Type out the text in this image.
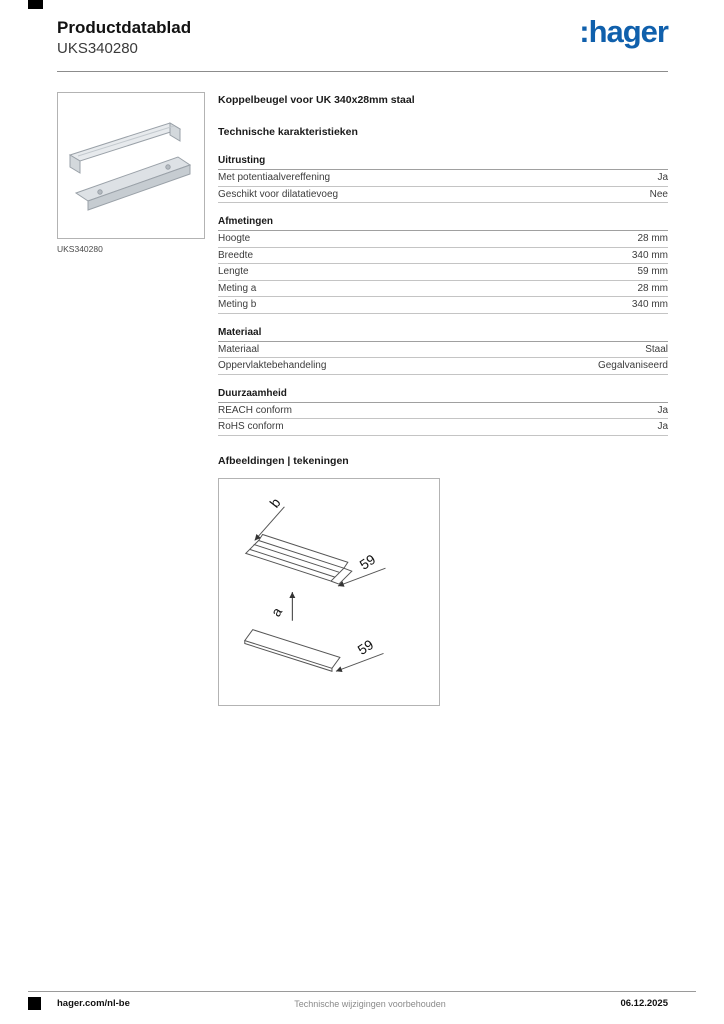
Productdatablad
UKS340280	:hager
UKS340280
Koppelbeugel voor UK 340x28mm staal
Technische karakteristieken
Uitrusting
Met potentiaalvereffening	Ja
Geschikt voor dilatatievoeg	Nee
Afmetingen
Hoogte	28 mm
Breedte	340 mm
Lengte	59 mm
Meting a	28 mm
Meting b	340 mm
Materiaal
Materiaal	Staal
Oppervlaktebehandeling	Gegalvaniseerd
Duurzaamheid
REACH conform	Ja
RoHS conform	Ja
Afbeeldingen | tekeningen
b
59
a
59
hager.com/nl-be	Technische wijzigingen voorbehouden	06.12.2025
